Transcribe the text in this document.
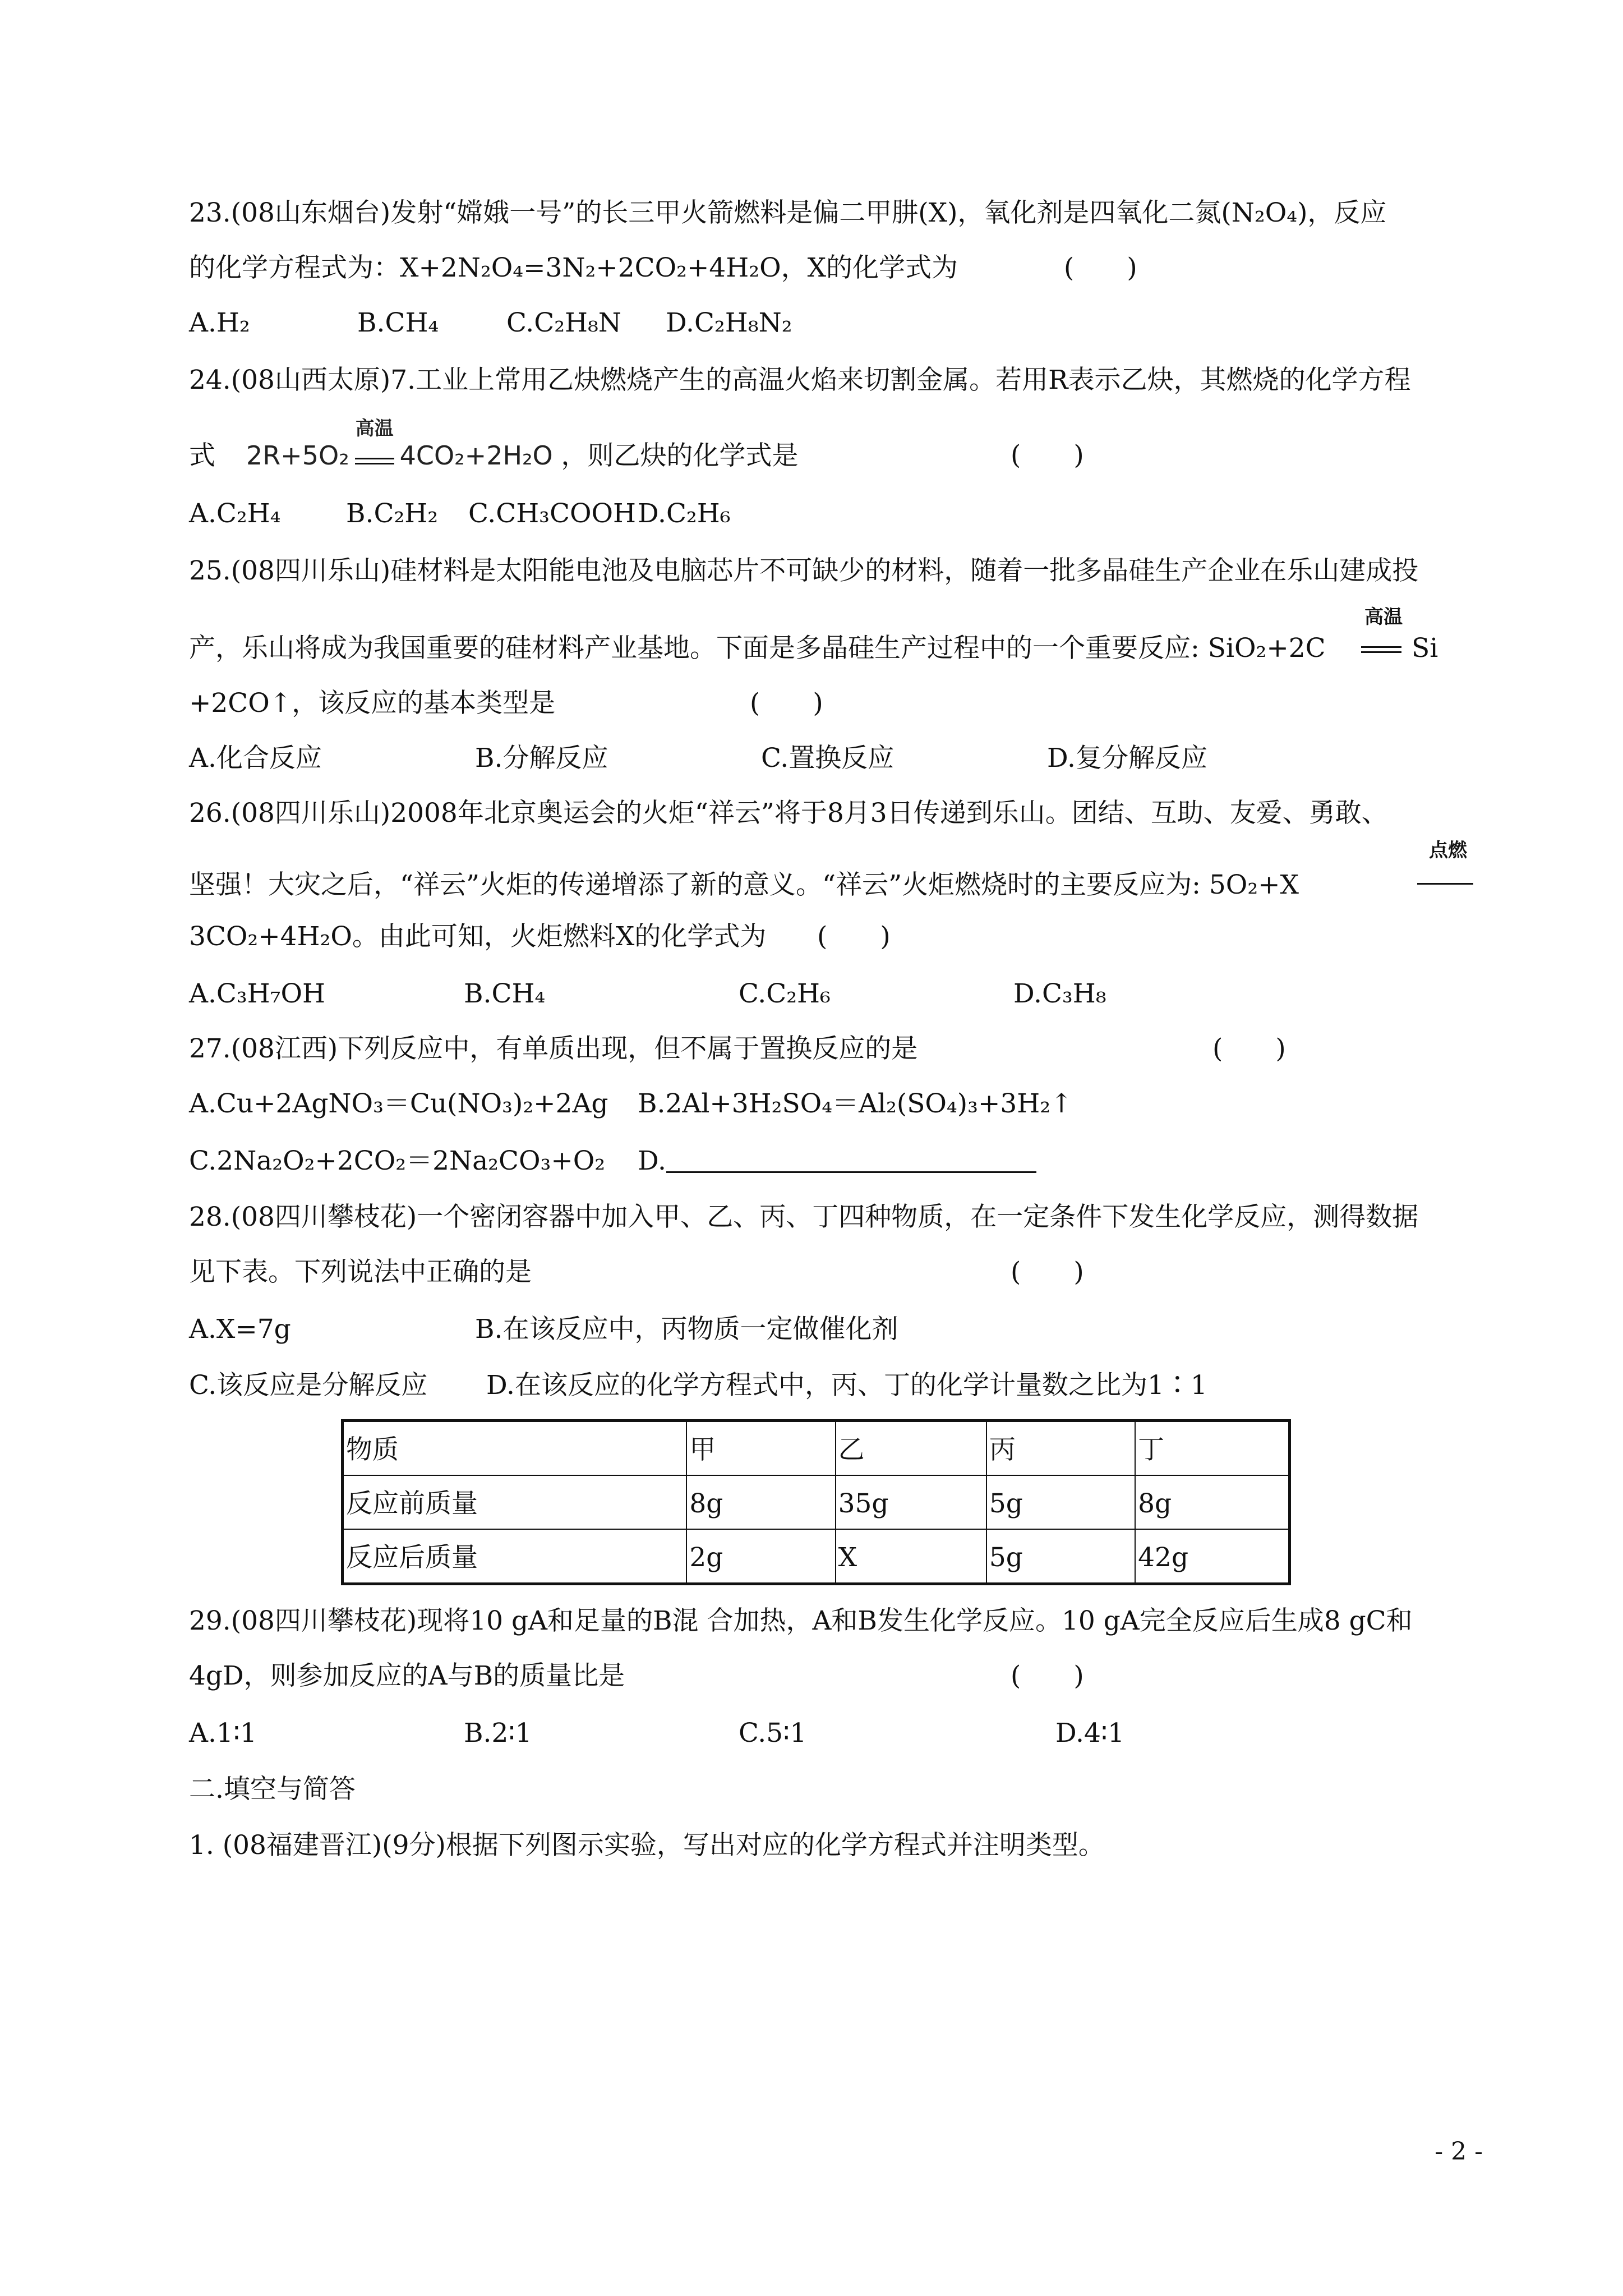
23.(08山东烟台)发射“嫦娥一号”的长三甲火箭燃料是偏二甲肼(X)，氧化剂是四氧化二氮(N₂O₄)，反应
的化学方程式为：X+2N₂O₄=3N₂+2CO₂+4H₂O，X的化学式为	(　　)
A.H₂	B.CH₄	C.C₂H₈N D.C₂H₈N₂
24.(08山西太原)7.工业上常用乙炔燃烧产生的高温火焰来切割金属。若用R表示乙炔，其燃烧的化学方程
式 2R+5O₂
高温
4CO₂+2H₂O ，则乙炔的化学式是	(　　)
A.C₂H₄ B.C₂H₂ C.CH₃COOH D.C₂H₆
25.(08四川乐山)硅材料是太阳能电池及电脑芯片不可缺少的材料，随着一批多晶硅生产企业在乐山建成投
产，乐山将成为我国重要的硅材料产业基地。下面是多晶硅生产过程中的一个重要反应: SiO₂+2C	Si
高温
+2CO↑，该反应的基本类型是	(　　)
A.化合反应	B.分解反应	C.置换反应	D.复分解反应
26.(08四川乐山)2008年北京奥运会的火炬“祥云”将于8月3日传递到乐山。团结、互助、友爱、勇敢、
坚强！大灾之后，“祥云”火炬的传递增添了新的意义。“祥云”火炬燃烧时的主要反应为: 5O₂+X
点燃
3CO₂+4H₂O。由此可知，火炬燃料X的化学式为 (　　)
A.C₃H₇OH	B.CH₄	C.C₂H₆	D.C₃H₈
27.(08江西)下列反应中，有单质出现，但不属于置换反应的是	(　　)
A.Cu+2AgNO₃＝Cu(NO₃)₂+2Ag B.2Al+3H₂SO₄＝Al₂(SO₄)₃+3H₂↑
C.2Na₂O₂+2CO₂＝2Na₂CO₃+O₂ D.
28.(08四川攀枝花)一个密闭容器中加入甲、乙、丙、丁四种物质，在一定条件下发生化学反应，测得数据
见下表。下列说法中正确的是	(　　)
A.X=7g	B.在该反应中，丙物质一定做催化剂
C.该反应是分解反应 D.在该反应的化学方程式中，丙、丁的化学计量数之比为1∶1
物质	甲	乙	丙	丁
反应前质量	8g	35g	5g	8g
反应后质量	2g	X	5g	42g
29.(08四川攀枝花)现将10 gA和足量的B混 合加热，A和B发生化学反应。10 gA完全反应后生成8 gC和
4gD，则参加反应的A与B的质量比是	(　　)
A.1∶1	B.2∶1	C.5∶1	D.4∶1
二.填空与简答
1. (08福建晋江)(9分)根据下列图示实验，写出对应的化学方程式并注明类型。
- 2 -
